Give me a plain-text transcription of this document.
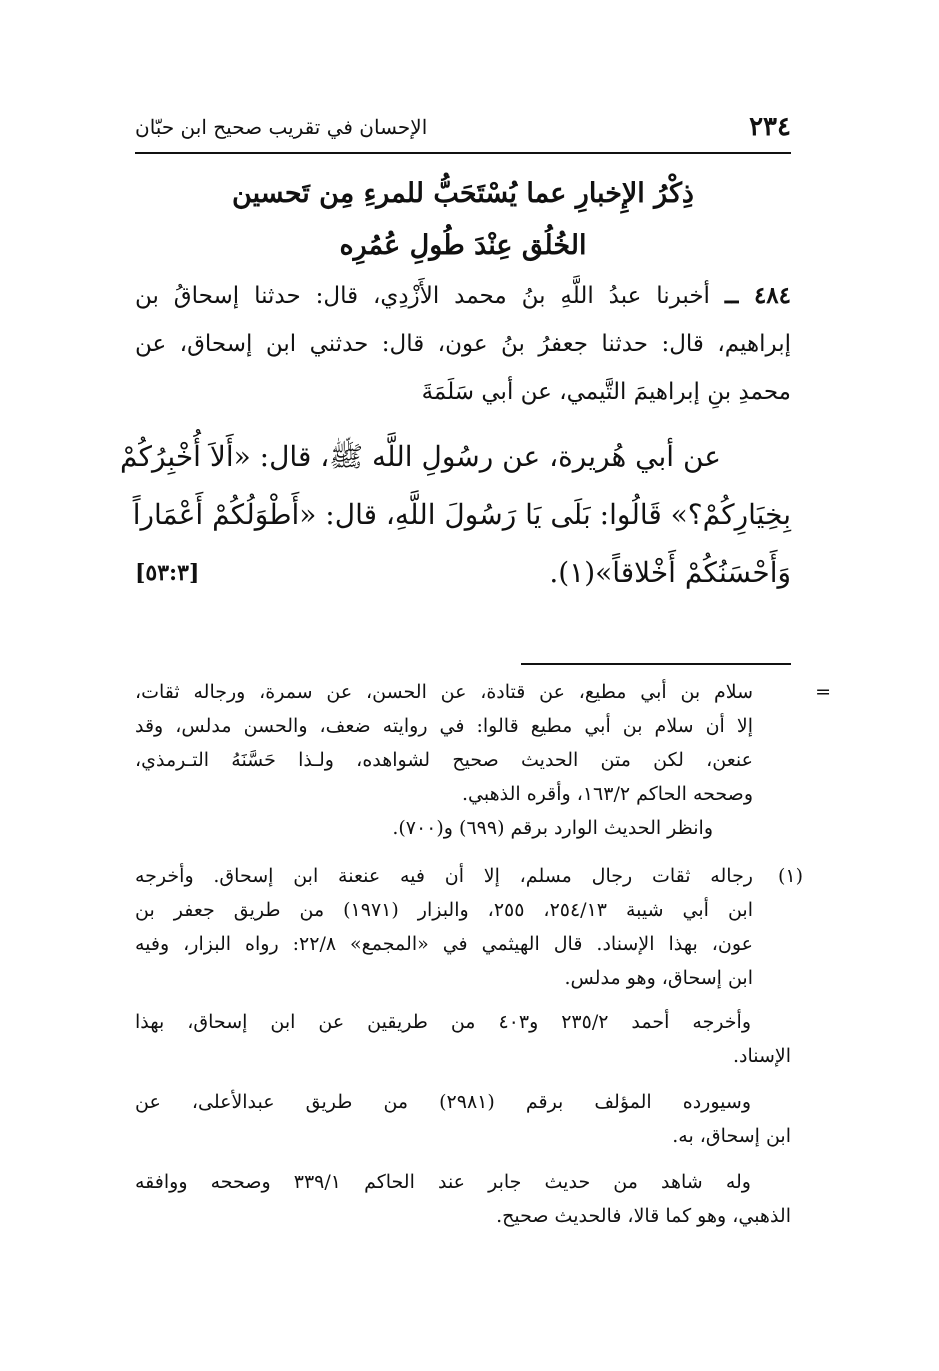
الإحسان في تقريب صحيح ابن حبّان	٢٣٤
ذِكْرُ الإِخبارِ عما يُسْتَحَبُّ للمرءِ مِن تَحسين
الخُلُق عِنْدَ طُولِ عُمُرِه
٤٨٤ ــ أخبرنا عبدُ اللَّهِ بنُ محمد الأَزْدِي، قال: حدثنا إسحاقُ بن
إبراهيم، قال: حدثنا جعفرُ بنُ عون، قال: حدثني ابن إسحاق، عن
محمدِ بنِ إبراهيمَ التَّيمي، عن أبي سَلَمَةَ
عن أبي هُريرة، عن رسُولِ اللَّه ﷺ، قال: «أَلاَ أُخْبِرُكُمْ
بِخِيَارِكُمْ؟» قَالُوا: بَلَى يَا رَسُولَ اللَّهِ، قال: «أَطْوَلُكُمْ أَعْمَاراً
وَأَحْسَنُكُمْ أَخْلاقاً»(١).
[٥٣:٣]
=
سلام بن أبي مطيع، عن قتادة، عن الحسن، عن سمرة، ورجاله ثقات،
إلا أن سلام بن أبي مطيع قالوا: في روايته ضعف، والحسن مدلس، وقد
عنعن، لكن متن الحديث صحيح لشواهده، ولـذا حَسَّنَهُ التـرمذي،
وصححه الحاكم ١٦٣/٢، وأقره الذهبي.
وانظر الحديث الوارد برقم (٦٩٩) و(٧٠٠).
(١)
رجاله ثقات رجال مسلم، إلا أن فيه عنعنة ابن إسحاق. وأخرجه
ابن أبي شيبة ٢٥٤/١٣، ٢٥٥، والبزار (١٩٧١) من طريق جعفر بن
عون، بهذا الإسناد. قال الهيثمي في «المجمع» ٢٢/٨: رواه البزار، وفيه
ابن إسحاق، وهو مدلس.
وأخرجه أحمد ٢٣٥/٢ و٤٠٣ من طريقين عن ابن إسحاق، بهذا
الإسناد.
وسيورده المؤلف برقم (٢٩٨١) من طريق عبدالأعلى، عن
ابن إسحاق، به.
وله شاهد من حديث جابر عند الحاكم ٣٣٩/١ وصححه ووافقه
الذهبي، وهو كما قالا، فالحديث صحيح.
